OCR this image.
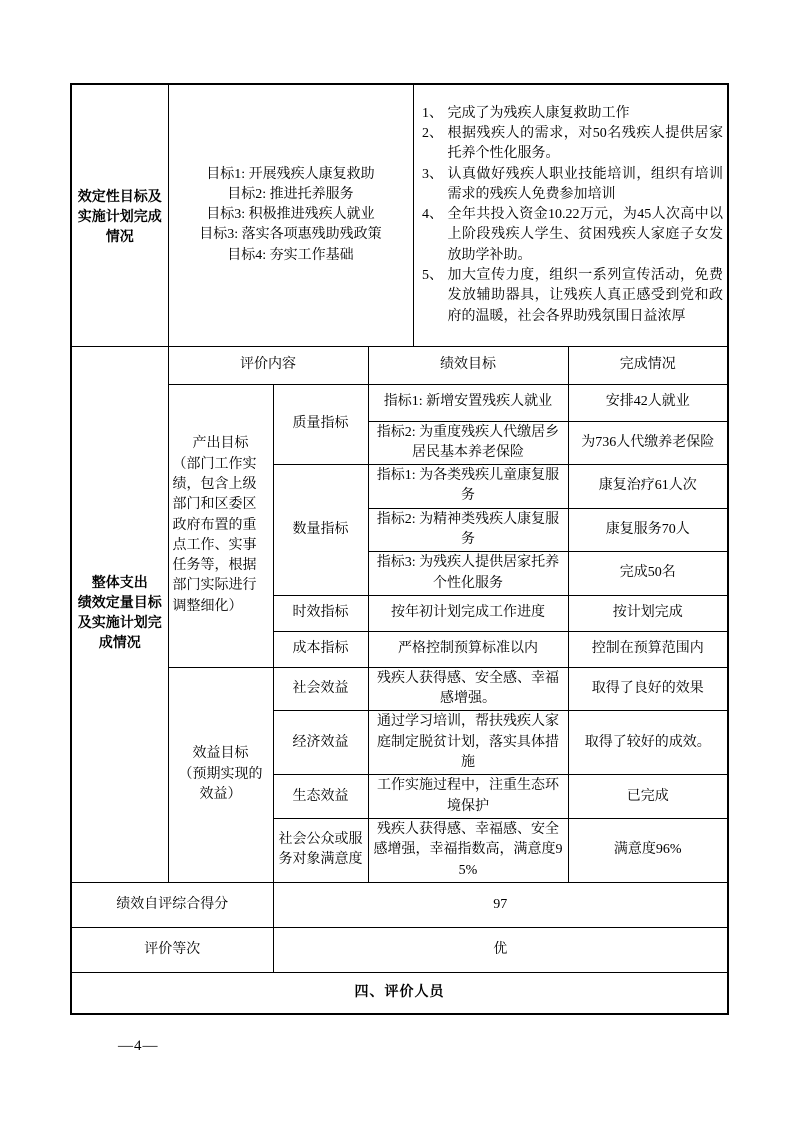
效定性目标及实施计划完成情况	
目标1: 开展残疾人康复救助
目标2: 推进托养服务
目标3: 积极推进残疾人就业
目标3: 落实各项惠残助残政策
目标4: 夯实工作基础

1、 完成了为残疾人康复救助工作
2、 根据残疾人的需求，对50名残疾人提供居家托养个性化服务。
3、 认真做好残疾人职业技能培训，组织有培训需求的残疾人免费参加培训
4、 全年共投入资金10.22万元，为45人次高中以上阶段残疾人学生、贫困残疾人家庭子女发放助学补助。
5、 加大宣传力度，组织一系列宣传活动，免费发放辅助器具，让残疾人真正感受到党和政府的温暖，社会各界助残氛围日益浓厚

整体支出
绩效定量目标及实施计划完成情况	评价内容		绩效目标		完成情况

	产出目标
（部门工作实绩，包含上级部门和区委区政府布置的重点工作、实事任务等，根据部门实际进行调整细化）	质量指标	指标1: 新增安置残疾人就业		安排42人就业
			指标2: 为重度残疾人代缴居乡居民基本养老保险		为736人代缴养老保险
		数量指标	指标1: 为各类残疾儿童康复服务		康复治疗61人次
			指标2: 为精神类残疾人康复服务		康复服务70人
			指标3: 为残疾人提供居家托养个性化服务		完成50名
		时效指标	按年初计划完成工作进度		按计划完成
		成本指标	严格控制预算标准以内		控制在预算范围内

	效益目标
（预期实现的效益）	社会效益	残疾人获得感、安全感、幸福感增强。		取得了良好的效果
		经济效益	通过学习培训，帮扶残疾人家庭制定脱贫计划，落实具体措施		取得了较好的成效。
		生态效益	工作实施过程中，注重生态环境保护		已完成
		社会公众或服务对象满意度	残疾人获得感、幸福感、安全感增强，幸福指数高，满意度95%		满意度96%
绩效自评综合得分		97			
评价等次		优			
四、评价人员					
—4—
